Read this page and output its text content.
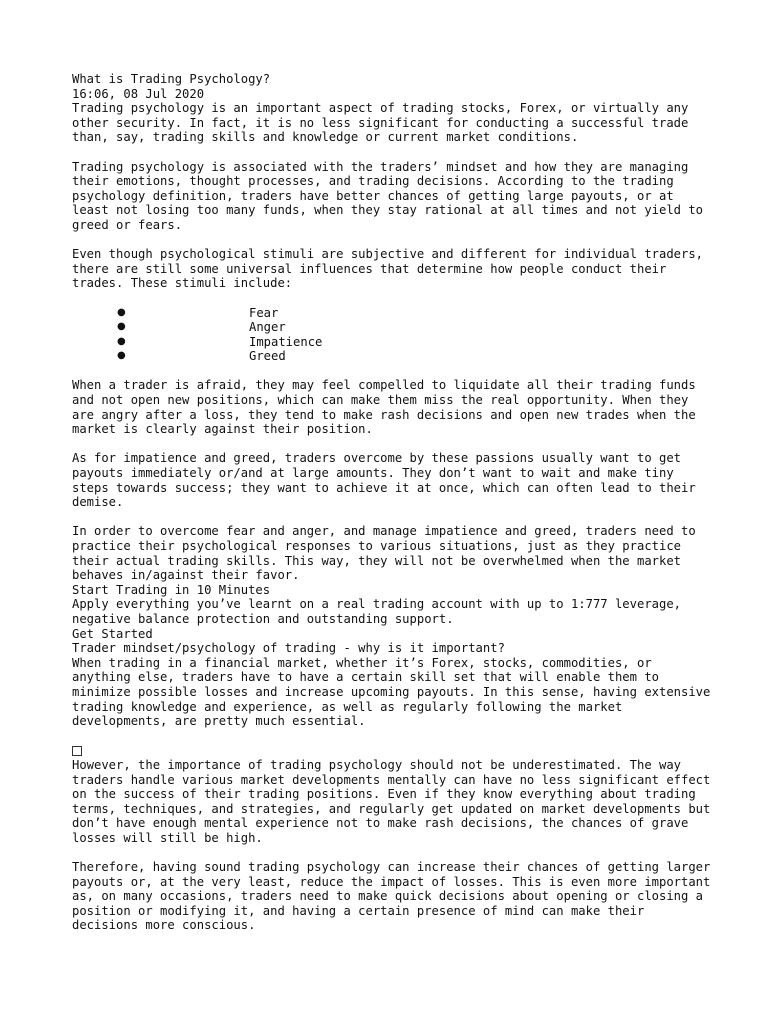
What is Trading Psychology?
16:06, 08 Jul 2020

Trading psychology is an important aspect of trading stocks, Forex, or virtually any other security. In fact, it is no less significant for conducting a successful trade than, say, trading skills and knowledge or current market conditions.

Trading psychology is associated with the traders’ mindset and how they are managing their emotions, thought processes, and trading decisions. According to the trading psychology definition, traders have better chances of getting large payouts, or at least not losing too many funds, when they stay rational at all times and not yield to greed or fears.

Even though psychological stimuli are subjective and different for individual traders, there are still some universal influences that determine how people conduct their trades. These stimuli include:

●	Fear
●	Anger
●	Impatience
●	Greed

When a trader is afraid, they may feel compelled to liquidate all their trading funds and not open new positions, which can make them miss the real opportunity. When they are angry after a loss, they tend to make rash decisions and open new trades when the market is clearly against their position.

As for impatience and greed, traders overcome by these passions usually want to get payouts immediately or/and at large amounts. They don’t want to wait and make tiny steps towards success; they want to achieve it at once, which can often lead to their demise.

In order to overcome fear and anger, and manage impatience and greed, traders need to practice their psychological responses to various situations, just as they practice their actual trading skills. This way, they will not be overwhelmed when the market behaves in/against their favor.

Start Trading in 10 Minutes
Apply everything you’ve learnt on a real trading account with up to 1:777 leverage, negative balance protection and outstanding support.
Get Started
Trader mindset/psychology of trading - why is it important?

When trading in a financial market, whether it’s Forex, stocks, commodities, or anything else, traders have to have a certain skill set that will enable them to minimize possible losses and increase upcoming payouts. In this sense, having extensive trading knowledge and experience, as well as regularly following the market developments, are pretty much essential.

However, the importance of trading psychology should not be underestimated. The way traders handle various market developments mentally can have no less significant effect on the success of their trading positions. Even if they know everything about trading terms, techniques, and strategies, and regularly get updated on market developments but don’t have enough mental experience not to make rash decisions, the chances of grave losses will still be high.

Therefore, having sound trading psychology can increase their chances of getting larger payouts or, at the very least, reduce the impact of losses. This is even more important as, on many occasions, traders need to make quick decisions about opening or closing a position or modifying it, and having a certain presence of mind can make their decisions more conscious.
